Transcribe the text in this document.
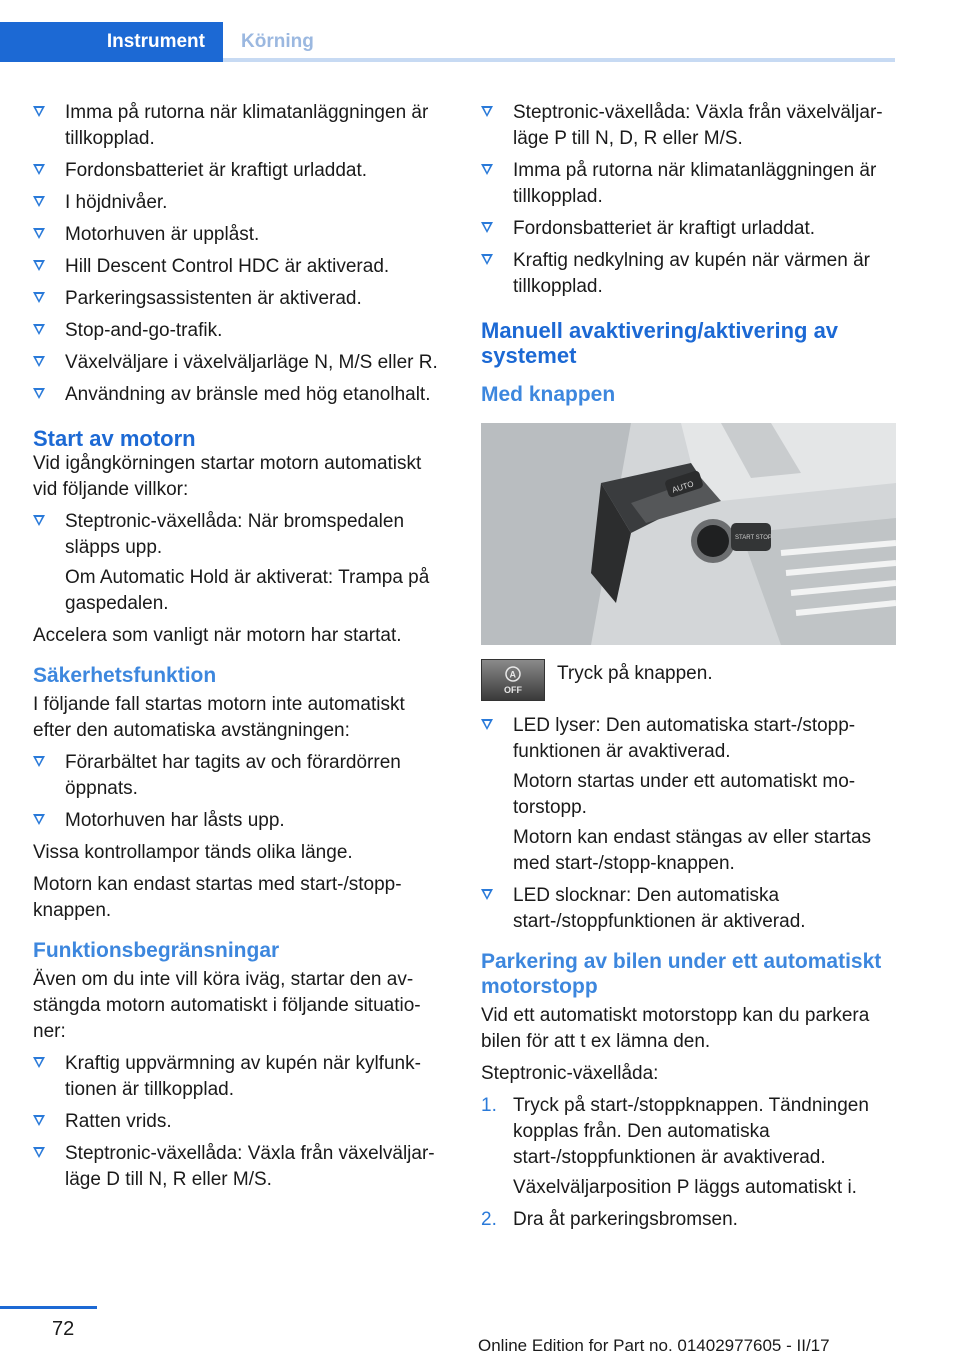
Instrument	Körning

Imma på rutorna när klimatanläggningen är tillkopplad.

Fordonsbatteriet är kraftigt urladdat.

I höjdnivåer.

Motorhuven är upplåst.

Hill Descent Control HDC är aktiverad.

Parkeringsassistenten är aktiverad.

Stop-and-go-trafik.

Växelväljare i växelväljarläge N, M/S eller R.

Användning av bränsle med hög etanolhalt.

Start av motorn

Vid igångkörningen startar motorn automatiskt vid följande villkor:

Steptronic-växellåda: När bromspedalen släpps upp.

Om Automatic Hold är aktiverat: Trampa på gaspedalen.

Accelera som vanligt när motorn har startat.

Säkerhetsfunktion

I följande fall startas motorn inte automatiskt efter den automatiska avstängningen:

Förarbältet har tagits av och förardörren öppnats.

Motorhuven har låsts upp.

Vissa kontrollampor tänds olika länge.

Motorn kan endast startas med start-/stopp-knappen.

Funktionsbegränsningar

Även om du inte vill köra iväg, startar den av-stängda motorn automatiskt i följande situatio-ner:

Kraftig uppvärmning av kupén när kylfunk-tionen är tillkopplad.

Ratten vrids.

Steptronic-växellåda: Växla från växelväljar-läge D till N, R eller M/S.

Steptronic-växellåda: Växla från växelväljar-läge P till N, D, R eller M/S.

Imma på rutorna när klimatanläggningen är tillkopplad.

Fordonsbatteriet är kraftigt urladdat.

Kraftig nedkylning av kupén när värmen är tillkopplad.

Manuell avaktivering/aktivering av systemet
Med knappen
AUTO
START STOP
A
OFF
Tryck på knappen.

LED lyser: Den automatiska start-/stopp-funktionen är avaktiverad.

Motorn startas under ett automatiskt mo-torstopp.

Motorn kan endast stängas av eller startas med start-/stopp-knappen.

LED slocknar: Den automatiska start-/stoppfunktionen är aktiverad.

Parkering av bilen under ett automatiskt motorstopp

Vid ett automatiskt motorstopp kan du parkera bilen för att t ex lämna den.

Steptronic-växellåda:

1. Tryck på start-/stoppknappen. Tändningen kopplas från. Den automatiska start-/stoppfunktionen är avaktiverad.

Växelväljarposition P läggs automatiskt i.

2. Dra åt parkeringsbromsen.

72
Online Edition for Part no. 01402977605 - II/17
